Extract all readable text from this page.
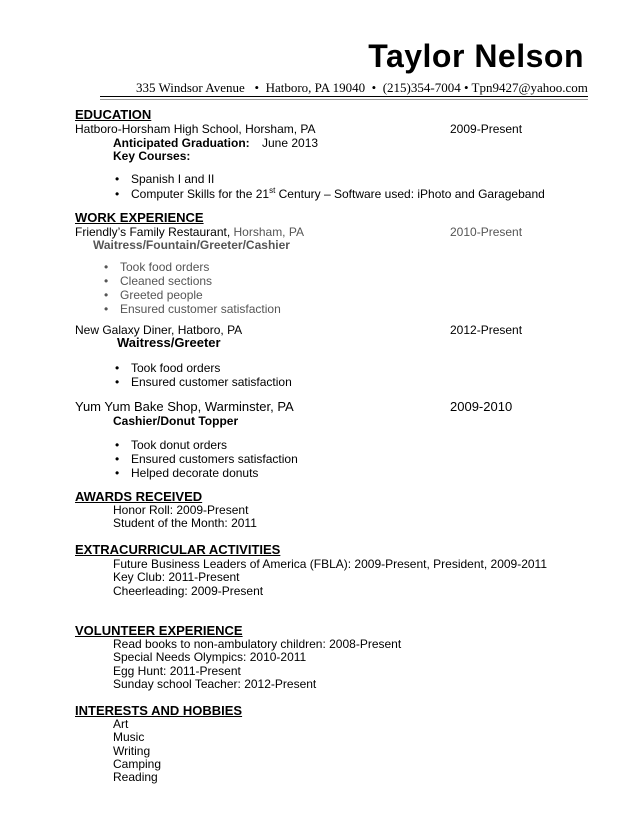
Taylor Nelson
335 Windsor Avenue • Hatboro, PA 19040 • (215)354-7004 • Tpn9427@yahoo.com
EDUCATION
Hatboro-Horsham High School, Horsham, PA	2009-Present
Anticipated Graduation: June 2013
Key Courses:
• Spanish I and II
• Computer Skills for the 21st Century – Software used: iPhoto and Garageband
WORK EXPERIENCE
Friendly’s Family Restaurant, Horsham, PA	2010-Present
Waitress/Fountain/Greeter/Cashier
• Took food orders
• Cleaned sections
• Greeted people
• Ensured customer satisfaction
New Galaxy Diner, Hatboro, PA	2012-Present
Waitress/Greeter
• Took food orders
• Ensured customer satisfaction
Yum Yum Bake Shop, Warminster, PA	2009-2010
Cashier/Donut Topper
• Took donut orders
• Ensured customers satisfaction
• Helped decorate donuts
AWARDS RECEIVED
Honor Roll: 2009-Present
Student of the Month: 2011
EXTRACURRICULAR ACTIVITIES
Future Business Leaders of America (FBLA): 2009-Present, President, 2009-2011
Key Club: 2011-Present
Cheerleading: 2009-Present
VOLUNTEER EXPERIENCE
Read books to non-ambulatory children: 2008-Present
Special Needs Olympics: 2010-2011
Egg Hunt: 2011-Present
Sunday school Teacher: 2012-Present
INTERESTS AND HOBBIES
Art
Music
Writing
Camping
Reading
